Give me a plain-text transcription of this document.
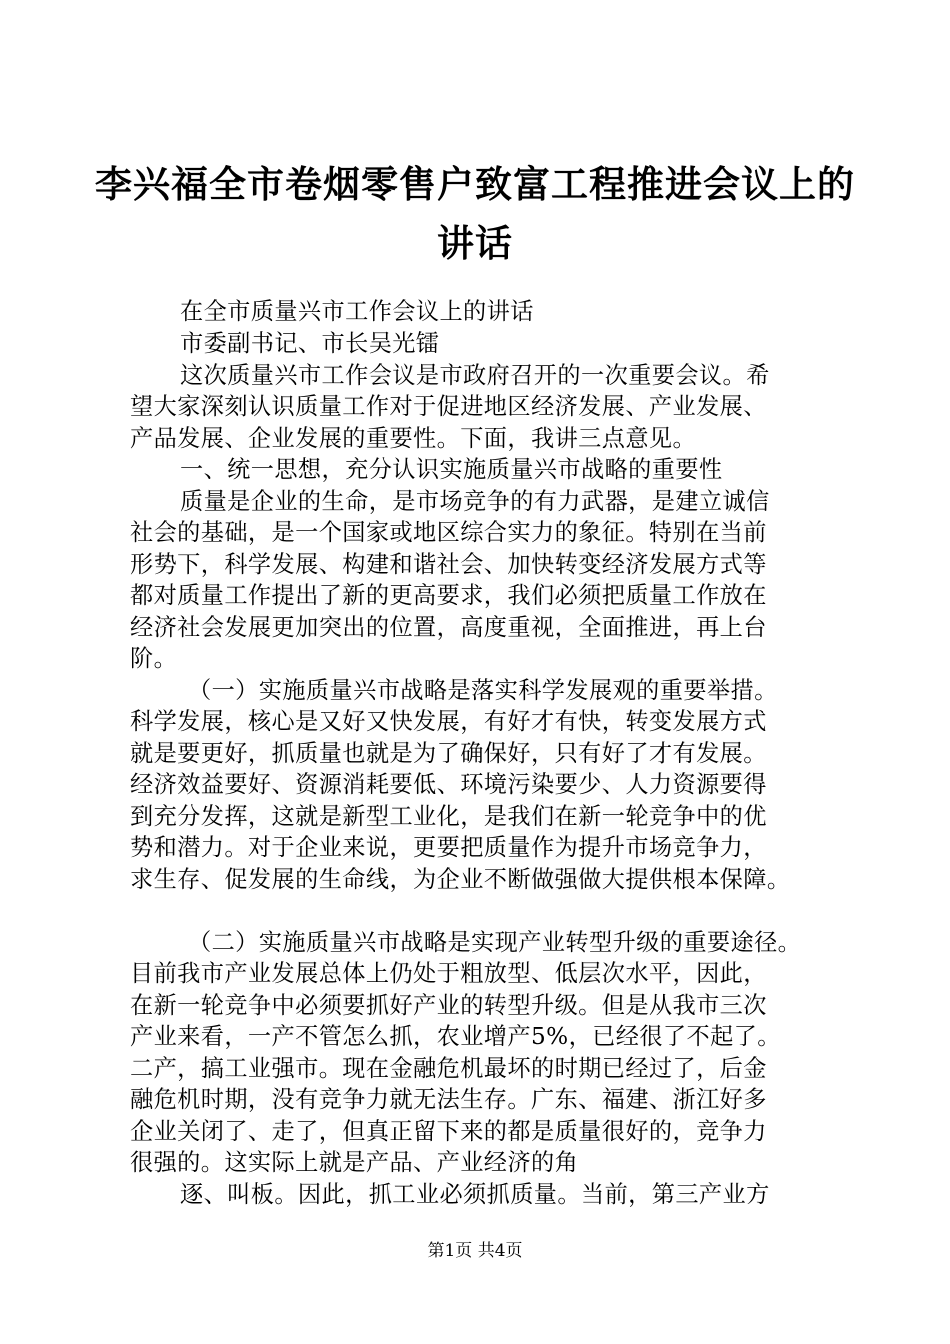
李兴福全市卷烟零售户致富工程推进会议上的
讲话
在全市质量兴市工作会议上的讲话
市委副书记、市长吴光镭
这次质量兴市工作会议是市政府召开的一次重要会议。希
望大家深刻认识质量工作对于促进地区经济发展、产业发展、
产品发展、企业发展的重要性。下面，我讲三点意见。
一、统一思想，充分认识实施质量兴市战略的重要性
质量是企业的生命，是市场竞争的有力武器，是建立诚信
社会的基础，是一个国家或地区综合实力的象征。特别在当前
形势下，科学发展、构建和谐社会、加快转变经济发展方式等
都对质量工作提出了新的更高要求，我们必须把质量工作放在
经济社会发展更加突出的位置，高度重视，全面推进，再上台
阶。
（一）实施质量兴市战略是落实科学发展观的重要举措。
科学发展，核心是又好又快发展，有好才有快，转变发展方式
就是要更好，抓质量也就是为了确保好，只有好了才有发展。
经济效益要好、资源消耗要低、环境污染要少、人力资源要得
到充分发挥，这就是新型工业化，是我们在新一轮竞争中的优
势和潜力。对于企业来说，更要把质量作为提升市场竞争力，
求生存、促发展的生命线，为企业不断做强做大提供根本保障。
（二）实施质量兴市战略是实现产业转型升级的重要途径。
目前我市产业发展总体上仍处于粗放型、低层次水平，因此，
在新一轮竞争中必须要抓好产业的转型升级。但是从我市三次
产业来看，一产不管怎么抓，农业增产5%，已经很了不起了。
二产，搞工业强市。现在金融危机最坏的时期已经过了，后金
融危机时期，没有竞争力就无法生存。广东、福建、浙江好多
企业关闭了、走了，但真正留下来的都是质量很好的，竞争力
很强的。这实际上就是产品、产业经济的角
逐、叫板。因此，抓工业必须抓质量。当前，第三产业方
第1页 共4页
